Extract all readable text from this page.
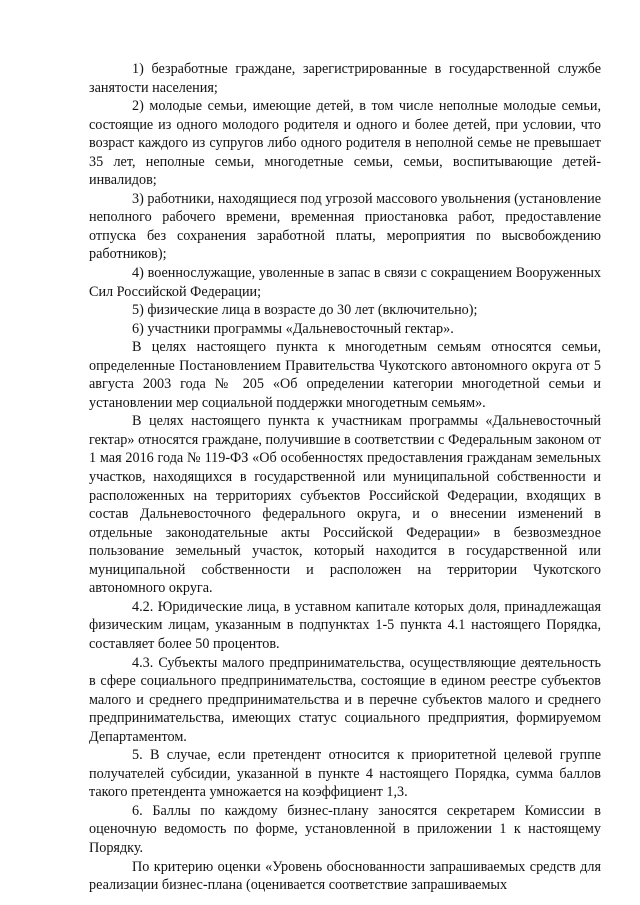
1) безработные граждане, зарегистрированные в государственной службе занятости населения;

2) молодые семьи, имеющие детей, в том числе неполные молодые семьи, состоящие из одного молодого родителя и одного и более детей, при условии, что возраст каждого из супругов либо одного родителя в неполной семье не превышает 35 лет, неполные семьи, многодетные семьи, семьи, воспитывающие детей-инвалидов;

3) работники, находящиеся под угрозой массового увольнения (установление неполного рабочего времени, временная приостановка работ, предоставление отпуска без сохранения заработной платы, мероприятия по высвобождению работников);

4) военнослужащие, уволенные в запас в связи с сокращением Вооруженных Сил Российской Федерации;

5) физические лица в возрасте до 30 лет (включительно);

6) участники программы «Дальневосточный гектар».

В целях настоящего пункта к многодетным семьям относятся семьи, определенные Постановлением Правительства Чукотского автономного округа от 5 августа 2003 года № 205 «Об определении категории многодетной семьи и установлении мер социальной поддержки многодетным семьям».

В целях настоящего пункта к участникам программы «Дальневосточный гектар» относятся граждане, получившие в соответствии с Федеральным законом от 1 мая 2016 года № 119-ФЗ «Об особенностях предоставления гражданам земельных участков, находящихся в государственной или муниципальной собственности и расположенных на территориях субъектов Российской Федерации, входящих в состав Дальневосточного федерального округа, и о внесении изменений в отдельные законодательные акты Российской Федерации» в безвозмездное пользование земельный участок, который находится в государственной или муниципальной собственности и расположен на территории Чукотского автономного округа.

4.2. Юридические лица, в уставном капитале которых доля, принадлежащая физическим лицам, указанным в подпунктах 1-5 пункта 4.1 настоящего Порядка, составляет более 50 процентов.

4.3. Субъекты малого предпринимательства, осуществляющие деятельность в сфере социального предпринимательства, состоящие в едином реестре субъектов малого и среднего предпринимательства и в перечне субъектов малого и среднего предпринимательства, имеющих статус социального предприятия, формируемом Департаментом.

5. В случае, если претендент относится к приоритетной целевой группе получателей субсидии, указанной в пункте 4 настоящего Порядка, сумма баллов такого претендента умножается на коэффициент 1,3.

6. Баллы по каждому бизнес-плану заносятся секретарем Комиссии в оценочную ведомость по форме, установленной в приложении 1 к настоящему Порядку.

По критерию оценки «Уровень обоснованности запрашиваемых средств для реализации бизнес-плана (оценивается соответствие запрашиваемых
